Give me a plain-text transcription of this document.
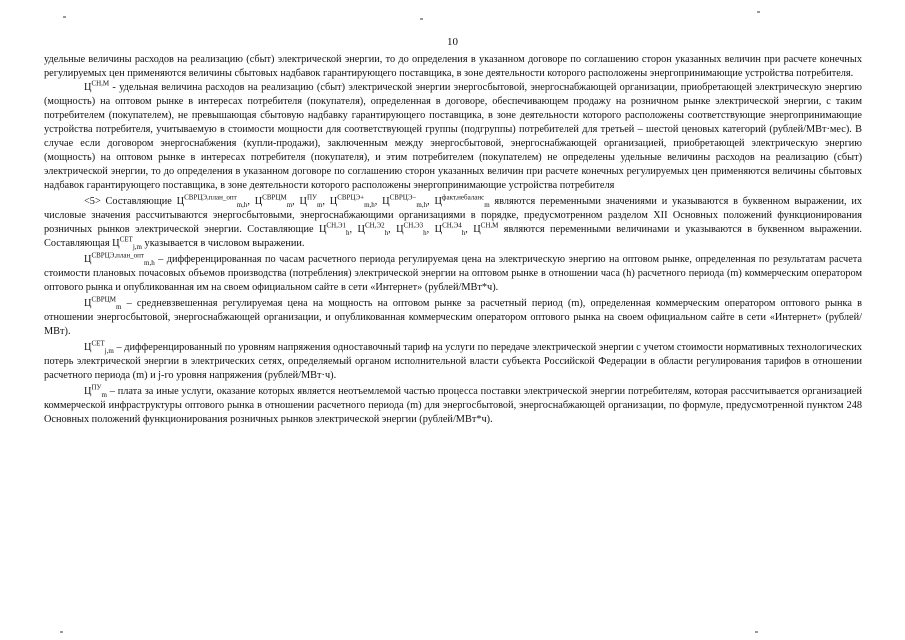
10

удельные величины расходов на реализацию (сбыт) электрической энергии, то до определения в указанном договоре по соглашению сторон указанных величин при расчете конечных регулируемых цен применяются величины сбытовых надбавок гарантирующего поставщика, в зоне деятельности которого расположены энергопринимающие устройства потребителя.

$Ц^{СН,М}$ - удельная величина расходов на реализацию (сбыт) электрической энергии энергосбытовой, энергоснабжающей организации, приобретающей электрическую энергию (мощность) на оптовом рынке в интересах потребителя (покупателя), определенная в договоре, обеспечивающем продажу на розничном рынке электрической энергии, с таким потребителем (покупателем), не превышающая сбытовую надбавку гарантирующего поставщика, в зоне деятельности которого расположены соответствующие энергопринимающие устройства потребителя, учитываемую в стоимости мощности для соответствующей группы (подгруппы) потребителей для третьей – шестой ценовых категорий (рублей/МВт·мес). В случае если договором энергоснабжения (купли-продажи), заключенным между энергосбытовой, энергоснабжающей организацией, приобретающей электрическую энергию (мощность) на оптовом рынке в интересах потребителя (покупателя), и этим потребителем (покупателем) не определены удельные величины расходов на реализацию (сбыт) электрической энергии, то до определения в указанном договоре по соглашению сторон указанных величин при расчете конечных регулируемых цен применяются величины сбытовых надбавок гарантирующего поставщика, в зоне деятельности которого расположены энергопринимающие устройства потребителя

<5> Составляющие $Ц^{СВРЦЭ,план\_опт}_{m,h}$, $Ц^{СВРЦМ}_m$, $Ц^{ПУ}_m$, $Ц^{СВРЦЭ+}_{m,h}$, $Ц^{СВРЦЭ-}_{m,h}$, $Ц^{факт,небаланс}_m$ являются переменными значениями и указываются в буквенном выражении, их числовые значения рассчитываются энергосбытовыми, энергоснабжающими организациями в порядке, предусмотренном разделом XII Основных положений функционирования розничных рынков электрической энергии. Составляющие $Ц^{СН,Э1}_h$, $Ц^{СН,Э2}_h$, $Ц^{СН,Э3}_h$, $Ц^{СН,Э4}_h$, $Ц^{СН,М}$ являются переменными величинами и указываются в буквенном выражении. Составляющая $Ц^{СЕТ}_{j,m}$ указывается в числовом выражении.

$Ц^{СВРЦЭ,план\_опт}_{m,h}$ – дифференцированная по часам расчетного периода регулируемая цена на электрическую энергию на оптовом рынке, определенная по результатам расчета стоимости плановых почасовых объемов производства (потребления) электрической энергии на оптовом рынке в отношении часа (h) расчетного периода (m) коммерческим оператором оптового рынка и опубликованная им на своем официальном сайте в сети «Интернет» (рублей/МВт*ч).

$Ц^{СВРЦМ}_m$ – средневзвешенная регулируемая цена на мощность на оптовом рынке за расчетный период (m), определенная коммерческим оператором оптового рынка в отношении энергосбытовой, энергоснабжающей организации, и опубликованная коммерческим оператором оптового рынка на своем официальном сайте в сети «Интернет» (рублей/МВт).

$Ц^{СЕТ}_{j,m}$ – дифференцированный по уровням напряжения одноставочный тариф на услуги по передаче электрической энергии с учетом стоимости нормативных технологических потерь электрической энергии в электрических сетях, определяемый органом исполнительной власти субъекта Российской Федерации в области регулирования тарифов в отношении расчетного периода (m) и j-го уровня напряжения (рублей/МВт·ч).

$Ц^{ПУ}_m$ – плата за иные услуги, оказание которых является неотъемлемой частью процесса поставки электрической энергии потребителям, которая рассчитывается организацией коммерческой инфраструктуры оптового рынка в отношении расчетного периода (m) для энергосбытовой, энергоснабжающей организации, по формуле, предусмотренной пунктом 248 Основных положений функционирования розничных рынков электрической энергии (рублей/МВт*ч).
